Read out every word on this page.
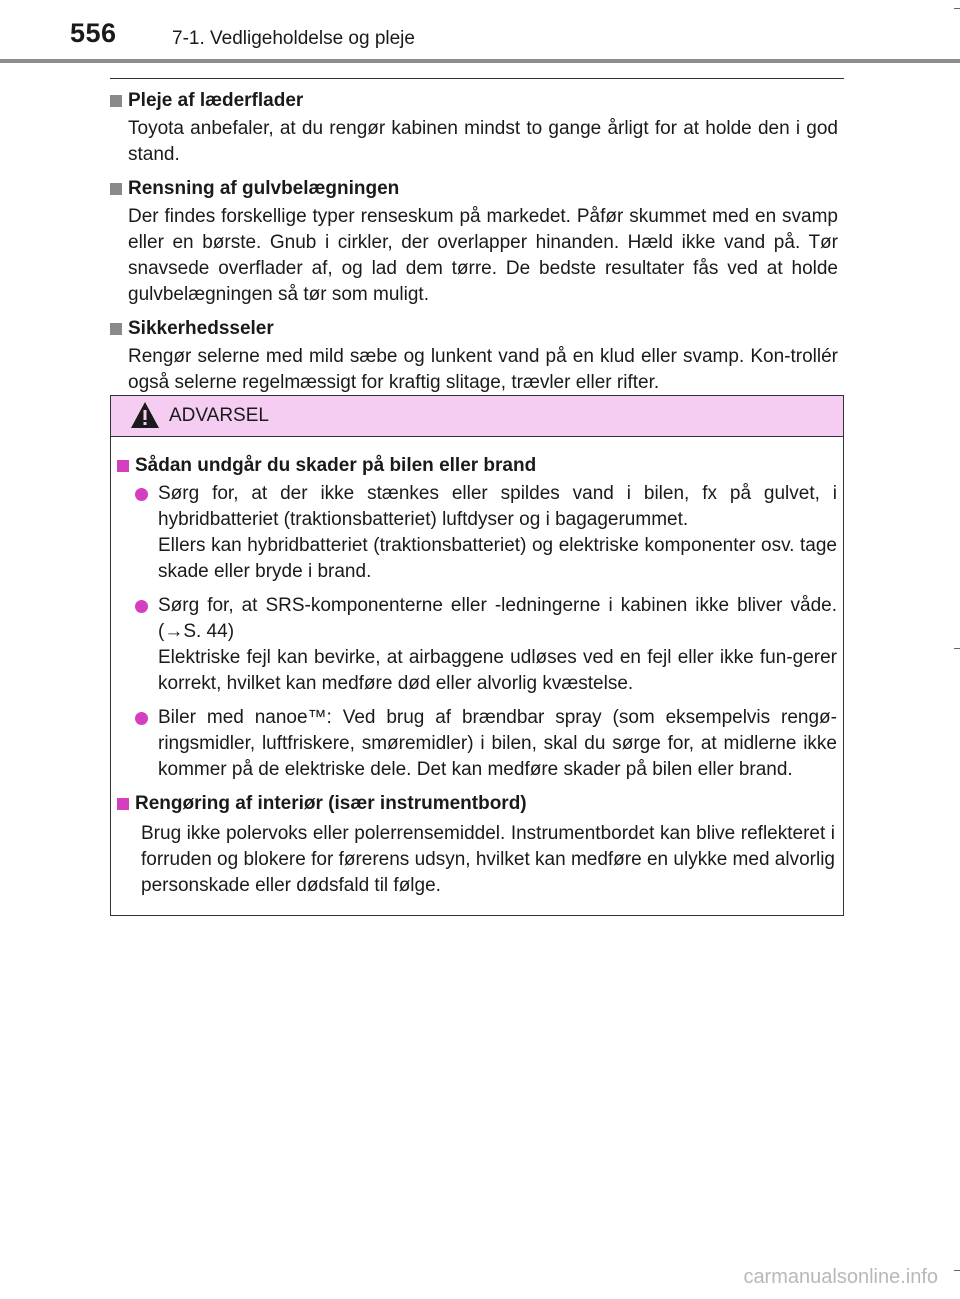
556	7-1. Vedligeholdelse og pleje
Pleje af læderflader

Toyota anbefaler, at du rengør kabinen mindst to gange årligt for at holde den i god stand.

Rensning af gulvbelægningen

Der findes forskellige typer renseskum på markedet. Påfør skummet med en svamp eller en børste. Gnub i cirkler, der overlapper hinanden. Hæld ikke vand på. Tør snavsede overflader af, og lad dem tørre. De bedste resultater fås ved at holde gulvbelægningen så tør som muligt.

Sikkerhedsseler

Rengør selerne med mild sæbe og lunkent vand på en klud eller svamp. Kon-trollér også selerne regelmæssigt for kraftig slitage, trævler eller rifter.

ADVARSEL
Sådan undgår du skader på bilen eller brand

Sørg for, at der ikke stænkes eller spildes vand i bilen, fx på gulvet, i hybridbatteriet (traktionsbatteriet) luftdyser og i bagagerummet.

Ellers kan hybridbatteriet (traktionsbatteriet) og elektriske komponenter osv. tage skade eller bryde i brand.

Sørg for, at SRS-komponenterne eller -ledningerne i kabinen ikke bliver våde. (→S. 44)

Elektriske fejl kan bevirke, at airbaggene udløses ved en fejl eller ikke fun-gerer korrekt, hvilket kan medføre død eller alvorlig kvæstelse.

Biler med nanoe™: Ved brug af brændbar spray (som eksempelvis rengø-ringsmidler, luftfriskere, smøremidler) i bilen, skal du sørge for, at midlerne ikke kommer på de elektriske dele. Det kan medføre skader på bilen eller brand.

Rengøring af interiør (især instrumentbord)

Brug ikke polervoks eller polerrensemiddel. Instrumentbordet kan blive reflekteret i forruden og blokere for førerens udsyn, hvilket kan medføre en ulykke med alvorlig personskade eller dødsfald til følge.

carmanualsonline.info
